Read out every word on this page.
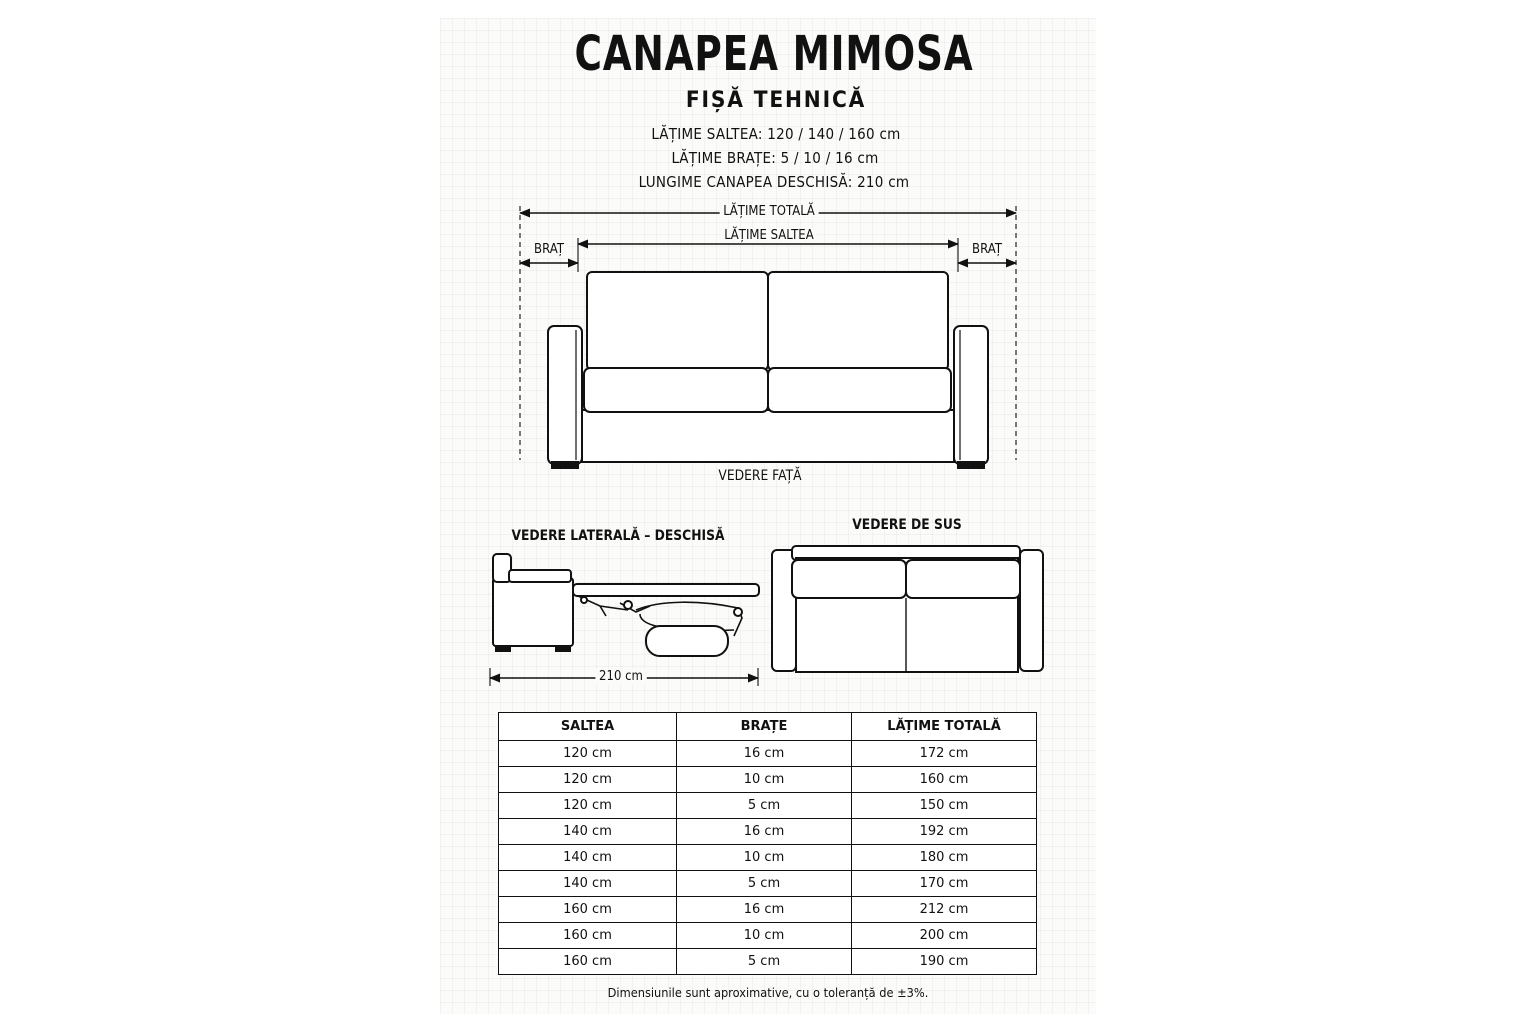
CANAPEA MIMOSA
FIȘĂ TEHNICĂ
LĂȚIME SALTEA: 120 / 140 / 160 cm
LĂȚIME BRAȚE: 5 / 10 / 16 cm
LUNGIME CANAPEA DESCHISĂ: 210 cm
LĂȚIME TOTALĂ
LĂȚIME SALTEA
BRAȚ	BRAȚ
VEDERE FAȚĂ
VEDERE LATERALĂ – DESCHISĂ
VEDERE DE SUS
210 cm
SALTEA	BRAȚE	LĂȚIME TOTALĂ
120 cm	16 cm	172 cm
120 cm	10 cm	160 cm
120 cm	5 cm	150 cm
140 cm	16 cm	192 cm
140 cm	10 cm	180 cm
140 cm	5 cm	170 cm
160 cm	16 cm	212 cm
160 cm	10 cm	200 cm
160 cm	5 cm	190 cm
Dimensiunile sunt aproximative, cu o toleranță de ±3%.
